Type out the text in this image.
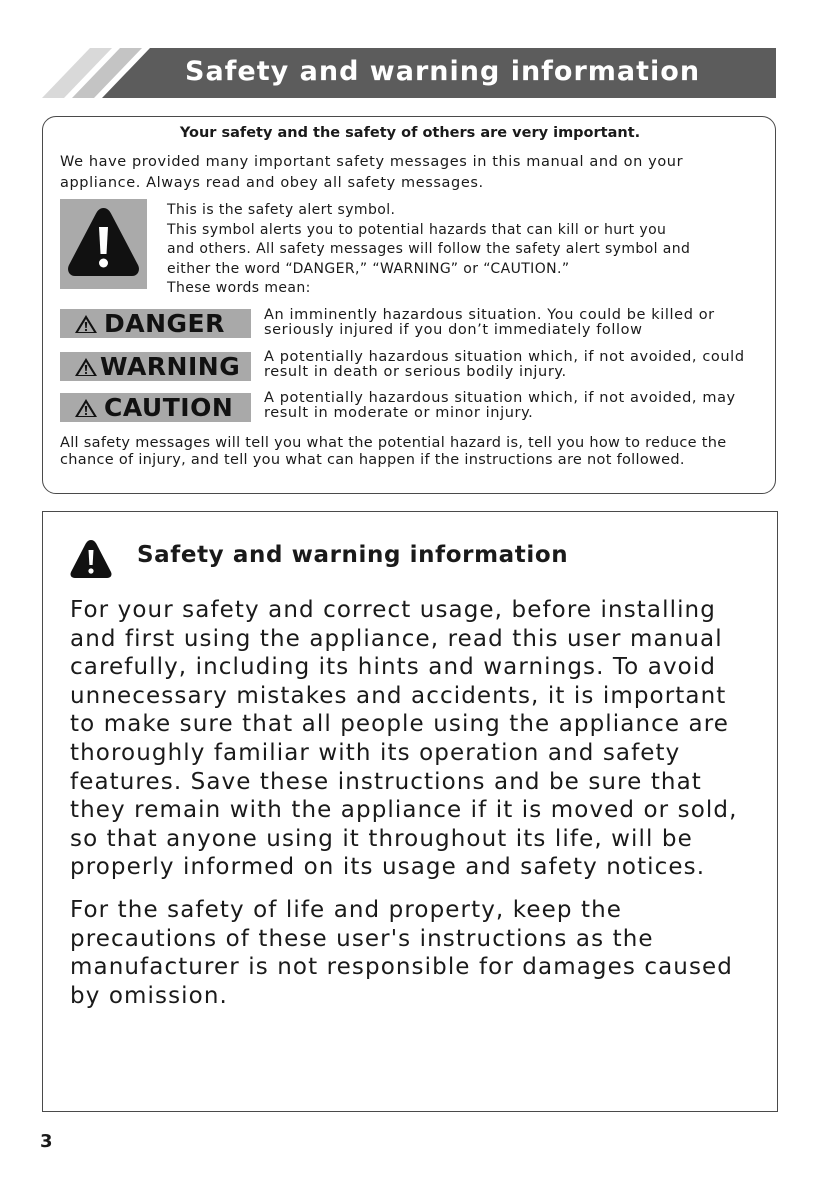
Safety and warning information
Your safety and the safety of others are very important.
We have provided many important safety messages in this manual and on your appliance. Always read and obey all safety messages.
This is the safety alert symbol.
This symbol alerts you to potential hazards that can kill or hurt you
and others. All safety messages will follow the safety alert symbol and
either the word “DANGER,” “WARNING” or “CAUTION.”
These words mean:
DANGER	An imminently hazardous situation. You could be killed or seriously injured if you don’t immediately follow
WARNING A potentially hazardous situation which, if not avoided, could result in death or serious bodily injury.
CAUTION A potentially hazardous situation which, if not avoided, may result in moderate or minor injury.
All safety messages will tell you what the potential hazard is, tell you how to reduce the chance of injury, and tell you what can happen if the instructions are not followed.
Safety and warning information
For your safety and correct usage, before installing and first using the appliance, read this user manual carefully, including its hints and warnings. To avoid unnecessary mistakes and accidents, it is important to make sure that all people using the appliance are thoroughly familiar with its operation and safety features. Save these instructions and be sure that they remain with the appliance if it is moved or sold, so that anyone using it throughout its life, will be properly informed on its usage and safety notices.
For the safety of life and property, keep the precautions of these user's instructions as the manufacturer is not responsible for damages caused by omission.
3
